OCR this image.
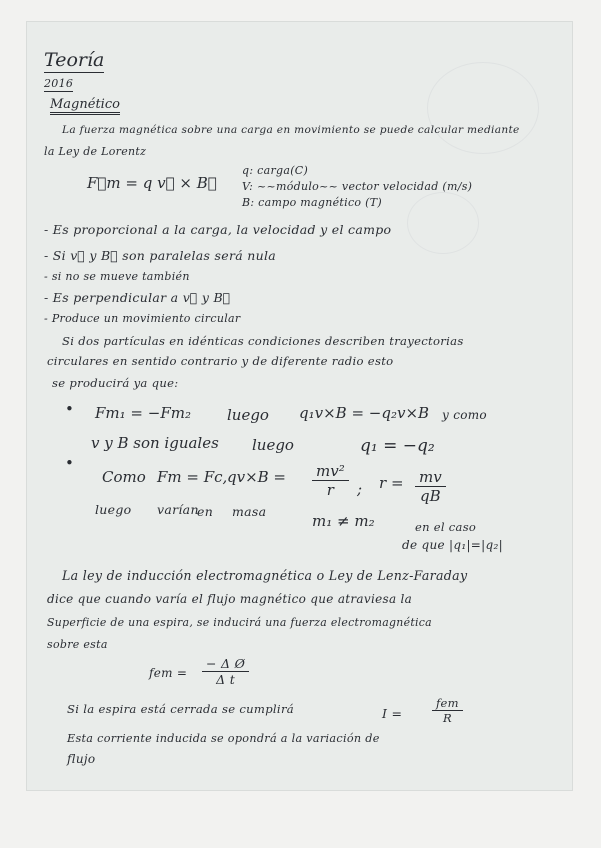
Teoría
2016
Magnético
La fuerza magnética sobre una carga en movimiento se puede calcular mediante
la Ley de Lorentz
F⃗m = q v⃗ × B⃗
q: carga(C)
V: ~~módulo~~ vector velocidad (m/s)
B: campo magnético (T)
- Es proporcional a la carga, la velocidad y el campo
- Si v⃗ y B⃗ son paralelas será nula
- si no se mueve también
- Es perpendicular a v⃗ y B⃗
- Produce un movimiento circular
Si dos partículas en idénticas condiciones describen trayectorias
circulares en sentido contrario y de diferente radio esto
se producirá ya que:
• Fm₁ = −Fm₂ luego q₁v×B = −q₂v×B y como
v y B son iguales luego	q₁ = −q₂
•
Como Fm = Fc, $qv\times B = \frac{\text{mv²}}{r}$ ; $r = \frac{mv}{qB}$
luego varían
en masa
m₁ ≠ m₂	en el caso
de que |q₁|=|q₂|
La ley de inducción electromagnética o Ley de Lenz-Faraday
dice que cuando varía el flujo magnético que atraviesa la
Superficie de una espira, se inducirá una fuerza electromagnética
sobre esta
fem = $\frac{\text{− Δ Ø}}{\text{Δ t}}$
Si la espira está cerrada se cumplirá	I =	$\frac{\text{fem}}{R}$
Esta corriente inducida se opondrá a la variación de
flujo
